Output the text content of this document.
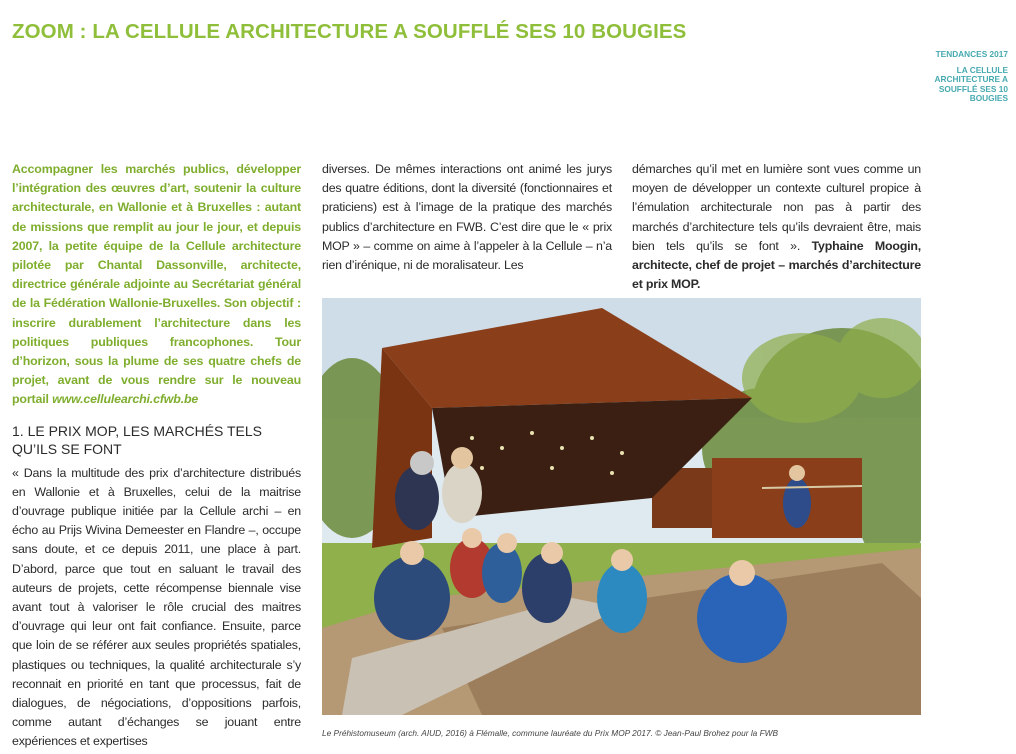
ZOOM : LA CELLULE ARCHITECTURE A SOUFFLÉ SES 10 BOUGIES
TENDANCES 2017
LA CELLULE ARCHITECTURE A SOUFFLÉ SES 10 BOUGIES

Accompagner les marchés publics, développer l’intégration des œuvres d’art, soutenir la culture architecturale, en Wallonie et à Bruxelles : autant de missions que remplit au jour le jour, et depuis 2007, la petite équipe de la Cellule architecture pilotée par Chantal Dassonville, architecte, directrice générale adjointe au Secrétariat général de la Fédération Wallonie-Bruxelles. Son objectif : inscrire durablement l’architecture dans les politiques publiques francophones. Tour d’horizon, sous la plume de ses quatre chefs de projet, avant de vous rendre sur le nouveau portail www.cellulearchi.cfwb.be

1. LE PRIX MOP, LES MARCHÉS TELS QU’ILS SE FONT

« Dans la multitude des prix d’architecture distribués en Wallonie et à Bruxelles, celui de la maitrise d’ouvrage publique initiée par la Cellule archi – en écho au Prijs Wivina Demeester en Flandre –, occupe sans doute, et ce depuis 2011, une place à part. D’abord, parce que tout en saluant le travail des auteurs de projets, cette récompense biennale vise avant tout à valoriser le rôle crucial des maitres d’ouvrage qui leur ont fait confiance. Ensuite, parce que loin de se référer aux seules propriétés spatiales, plastiques ou techniques, la qualité architecturale s’y reconnait en priorité en tant que processus, fait de dialogues, de négociations, d’oppositions parfois, comme autant d’échanges se jouant entre expériences et expertises

diverses. De mêmes interactions ont animé les jurys des quatre éditions, dont la diversité (fonctionnaires et praticiens) est à l’image de la pratique des marchés publics d’architecture en FWB. C’est dire que le « prix MOP » – comme on aime à l’appeler à la Cellule – n’a rien d’irénique, ni de moralisateur. Les

démarches qu’il met en lumière sont vues comme un moyen de développer un contexte culturel propice à l’émulation architecturale non pas à partir des marchés d’architecture tels qu’ils devraient être, mais bien tels qu’ils se font ». Typhaine Moogin, architecte, chef de projet – marchés d’architecture et prix MOP.

Le Préhistomuseum (arch. AIUD, 2016) à Flémalle, commune lauréate du Prix MOP 2017. © Jean-Paul Brohez pour la FWB
